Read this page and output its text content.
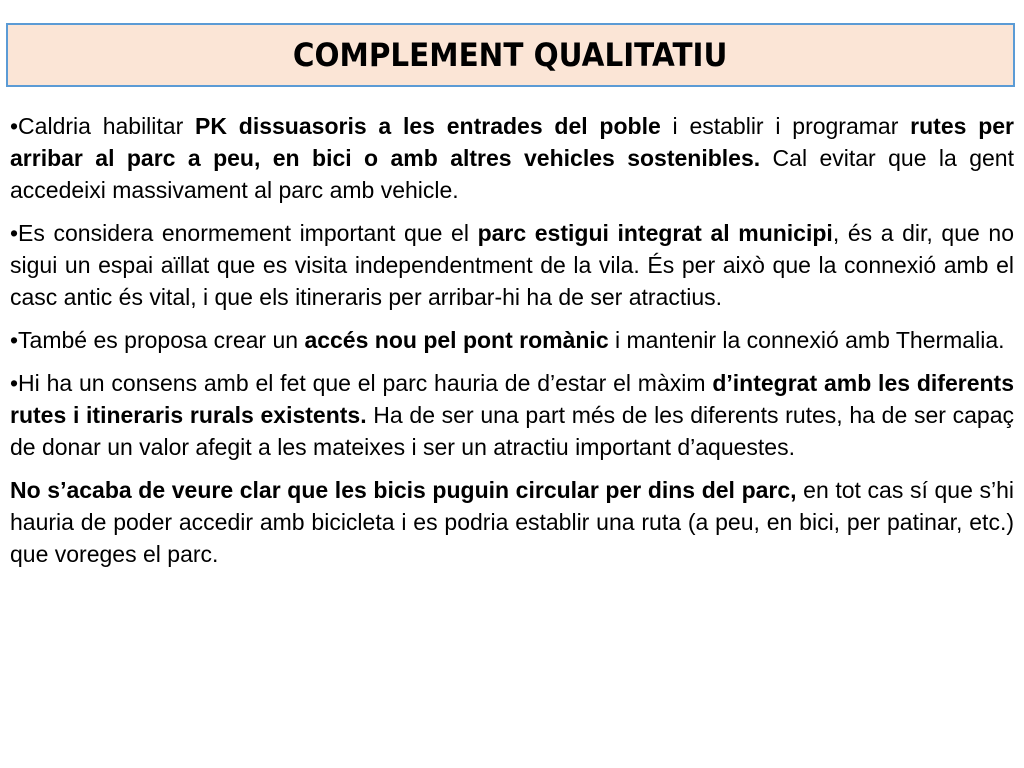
COMPLEMENT QUALITATIU

•Caldria habilitar PK dissuasoris a les entrades del poble i establir i programar rutes per arribar al parc a peu, en bici o amb altres vehicles sostenibles. Cal evitar que la gent accedeixi massivament al parc amb vehicle.

•Es considera enormement important que el parc estigui integrat al municipi, és a dir, que no sigui un espai aïllat que es visita independentment de la vila. És per això que la connexió amb el casc antic és vital, i que els itineraris per arribar-hi ha de ser atractius.

•També es proposa crear un accés nou pel pont romànic i mantenir la connexió amb Thermalia.

•Hi ha un consens amb el fet que el parc hauria de d’estar el màxim d’integrat amb les diferents rutes i itineraris rurals existents. Ha de ser una part més de les diferents rutes, ha de ser capaç de donar un valor afegit a les mateixes i ser un atractiu important d’aquestes.

No s’acaba de veure clar que les bicis puguin circular per dins del parc, en tot cas sí que s’hi hauria de poder accedir amb bicicleta i es podria establir una ruta (a peu, en bici, per patinar, etc.) que voreges el parc.
